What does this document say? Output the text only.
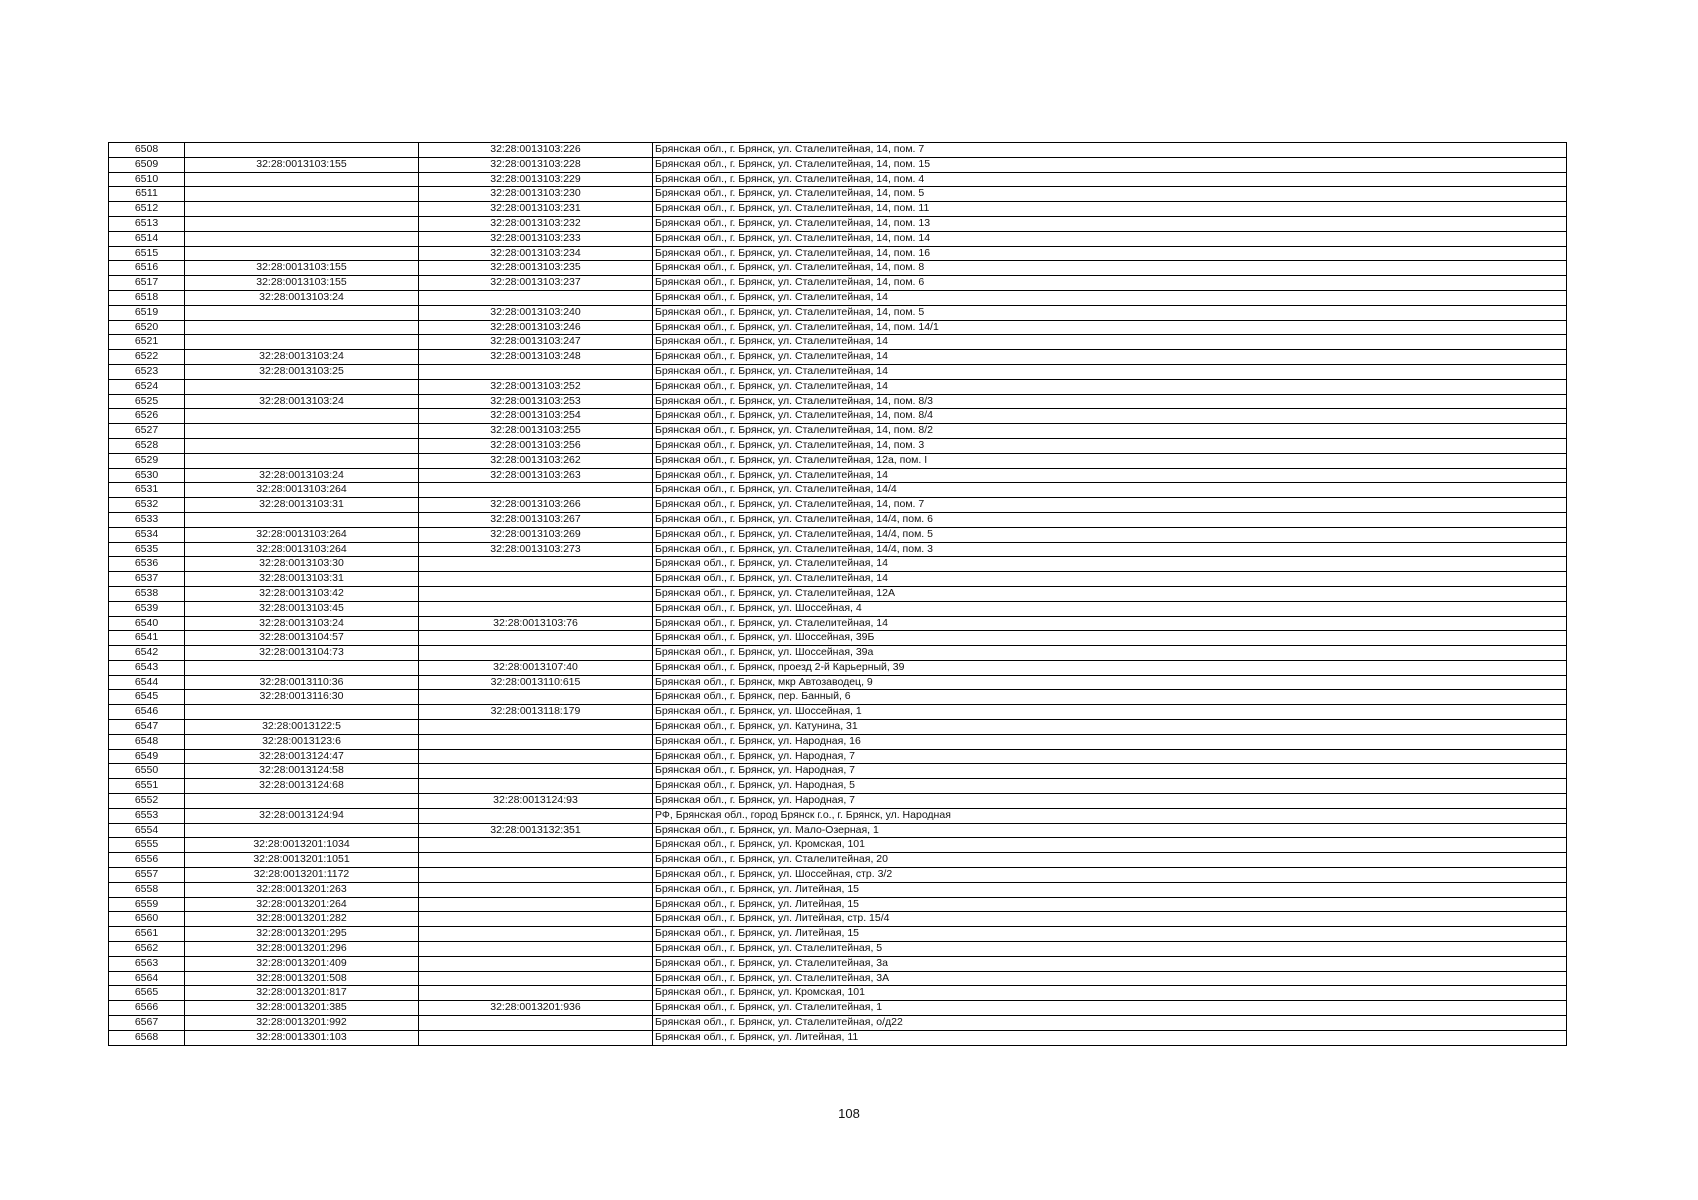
6508		32:28:0013103:226	Брянская обл., г. Брянск, ул. Сталелитейная, 14, пом. 7
6509	32:28:0013103:155	32:28:0013103:228	Брянская обл., г. Брянск, ул. Сталелитейная, 14, пом. 15
6510		32:28:0013103:229	Брянская обл., г. Брянск, ул. Сталелитейная, 14, пом. 4
6511		32:28:0013103:230	Брянская обл., г. Брянск, ул. Сталелитейная, 14, пом. 5
6512		32:28:0013103:231	Брянская обл., г. Брянск, ул. Сталелитейная, 14, пом. 11
6513		32:28:0013103:232	Брянская обл., г. Брянск, ул. Сталелитейная, 14, пом. 13
6514		32:28:0013103:233	Брянская обл., г. Брянск, ул. Сталелитейная, 14, пом. 14
6515		32:28:0013103:234	Брянская обл., г. Брянск, ул. Сталелитейная, 14, пом. 16
6516	32:28:0013103:155	32:28:0013103:235	Брянская обл., г. Брянск, ул. Сталелитейная, 14, пом. 8
6517	32:28:0013103:155	32:28:0013103:237	Брянская обл., г. Брянск, ул. Сталелитейная, 14, пом. 6
6518	32:28:0013103:24		Брянская обл., г. Брянск, ул. Сталелитейная, 14
6519		32:28:0013103:240	Брянская обл., г. Брянск, ул. Сталелитейная, 14, пом. 5
6520		32:28:0013103:246	Брянская обл., г. Брянск, ул. Сталелитейная, 14, пом. 14/1
6521		32:28:0013103:247	Брянская обл., г. Брянск, ул. Сталелитейная, 14
6522	32:28:0013103:24	32:28:0013103:248	Брянская обл., г. Брянск, ул. Сталелитейная, 14
6523	32:28:0013103:25		Брянская обл., г. Брянск, ул. Сталелитейная, 14
6524		32:28:0013103:252	Брянская обл., г. Брянск, ул. Сталелитейная, 14
6525	32:28:0013103:24	32:28:0013103:253	Брянская обл., г. Брянск, ул. Сталелитейная, 14, пом. 8/3
6526		32:28:0013103:254	Брянская обл., г. Брянск, ул. Сталелитейная, 14, пом. 8/4
6527		32:28:0013103:255	Брянская обл., г. Брянск, ул. Сталелитейная, 14, пом. 8/2
6528		32:28:0013103:256	Брянская обл., г. Брянск, ул. Сталелитейная, 14, пом. 3
6529		32:28:0013103:262	Брянская обл., г. Брянск, ул. Сталелитейная, 12а, пом. I
6530	32:28:0013103:24	32:28:0013103:263	Брянская обл., г. Брянск, ул. Сталелитейная, 14
6531	32:28:0013103:264		Брянская обл., г. Брянск, ул. Сталелитейная, 14/4
6532	32:28:0013103:31	32:28:0013103:266	Брянская обл., г. Брянск, ул. Сталелитейная, 14, пом. 7
6533		32:28:0013103:267	Брянская обл., г. Брянск, ул. Сталелитейная, 14/4, пом. 6
6534	32:28:0013103:264	32:28:0013103:269	Брянская обл., г. Брянск, ул. Сталелитейная, 14/4, пом. 5
6535	32:28:0013103:264	32:28:0013103:273	Брянская обл., г. Брянск, ул. Сталелитейная, 14/4, пом. 3
6536	32:28:0013103:30		Брянская обл., г. Брянск, ул. Сталелитейная, 14
6537	32:28:0013103:31		Брянская обл., г. Брянск, ул. Сталелитейная, 14
6538	32:28:0013103:42		Брянская обл., г. Брянск, ул. Сталелитейная, 12А
6539	32:28:0013103:45		Брянская обл., г. Брянск, ул. Шоссейная, 4
6540	32:28:0013103:24	32:28:0013103:76	Брянская обл., г. Брянск, ул. Сталелитейная, 14
6541	32:28:0013104:57		Брянская обл., г. Брянск, ул. Шоссейная, 39Б
6542	32:28:0013104:73		Брянская обл., г. Брянск, ул. Шоссейная, 39а
6543		32:28:0013107:40	Брянская обл., г. Брянск, проезд 2-й Карьерный, 39
6544	32:28:0013110:36	32:28:0013110:615	Брянская обл., г. Брянск, мкр Автозаводец, 9
6545	32:28:0013116:30		Брянская обл., г. Брянск, пер. Банный, 6
6546		32:28:0013118:179	Брянская обл., г. Брянск, ул. Шоссейная, 1
6547	32:28:0013122:5		Брянская обл., г. Брянск, ул. Катунина, 31
6548	32:28:0013123:6		Брянская обл., г. Брянск, ул. Народная, 16
6549	32:28:0013124:47		Брянская обл., г. Брянск, ул. Народная, 7
6550	32:28:0013124:58		Брянская обл., г. Брянск, ул. Народная, 7
6551	32:28:0013124:68		Брянская обл., г. Брянск, ул. Народная, 5
6552		32:28:0013124:93	Брянская обл., г. Брянск, ул. Народная, 7
6553	32:28:0013124:94		РФ, Брянская обл., город Брянск г.о., г. Брянск, ул. Народная
6554		32:28:0013132:351	Брянская обл., г. Брянск, ул. Мало-Озерная, 1
6555	32:28:0013201:1034		Брянская обл., г. Брянск, ул. Кромская, 101
6556	32:28:0013201:1051		Брянская обл., г. Брянск, ул. Сталелитейная, 20
6557	32:28:0013201:1172		Брянская обл., г. Брянск, ул. Шоссейная, стр. 3/2
6558	32:28:0013201:263		Брянская обл., г. Брянск, ул. Литейная, 15
6559	32:28:0013201:264		Брянская обл., г. Брянск, ул. Литейная, 15
6560	32:28:0013201:282		Брянская обл., г. Брянск, ул. Литейная, стр. 15/4
6561	32:28:0013201:295		Брянская обл., г. Брянск, ул. Литейная, 15
6562	32:28:0013201:296		Брянская обл., г. Брянск, ул. Сталелитейная, 5
6563	32:28:0013201:409		Брянская обл., г. Брянск, ул. Сталелитейная, 3а
6564	32:28:0013201:508		Брянская обл., г. Брянск, ул. Сталелитейная, 3А
6565	32:28:0013201:817		Брянская обл., г. Брянск, ул. Кромская, 101
6566	32:28:0013201:385	32:28:0013201:936	Брянская обл., г. Брянск, ул. Сталелитейная, 1
6567	32:28:0013201:992		Брянская обл., г. Брянск, ул. Сталелитейная, о/д22
6568	32:28:0013301:103		Брянская обл., г. Брянск, ул. Литейная, 11
108
